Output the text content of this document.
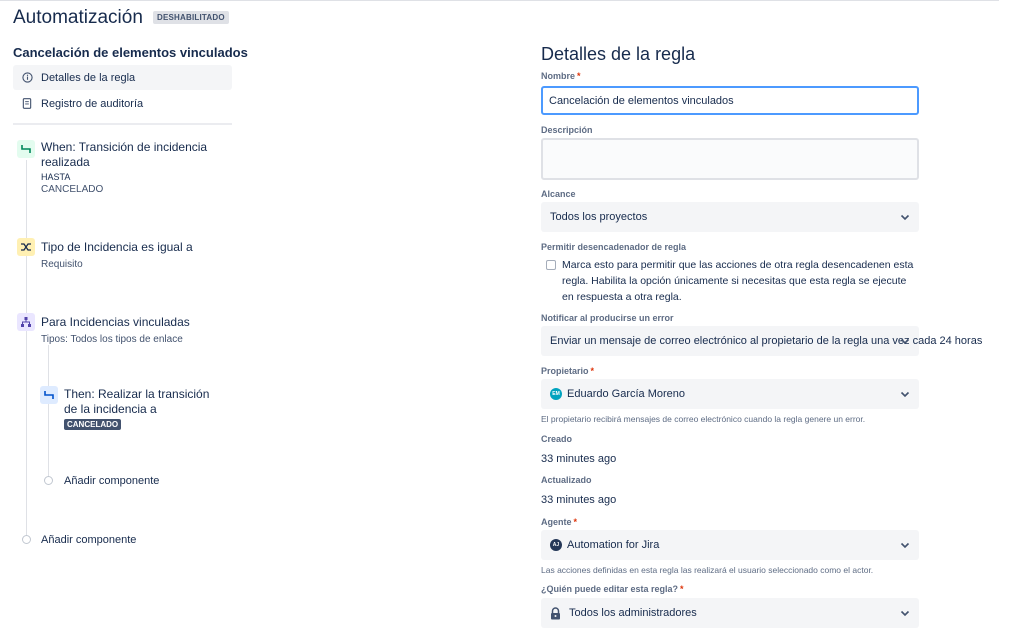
Automatización	DESHABILITADO
Cancelación de elementos vinculados
Detalles de la regla
Registro de auditoría
When: Transición de incidencia realizada
HASTA
CANCELADO
Tipo de Incidencia es igual a
Requisito
Para Incidencias vinculadas
Tipos: Todos los tipos de enlace
Then: Realizar la transición de la incidencia a
CANCELADO
Añadir componente
Añadir componente
Detalles de la regla
Nombre *
Cancelación de elementos vinculados
Descripción
Alcance
Todos los proyectos
Permitir desencadenador de regla
Marca esto para permitir que las acciones de otra regla desencadenen esta regla. Habilita la opción únicamente si necesitas que esta regla se ejecute en respuesta a otra regla.
Notificar al producirse un error
Enviar un mensaje de correo electrónico al propietario de la regla una vez cada 24 horas
Propietario *
EM Eduardo García Moreno
El propietario recibirá mensajes de correo electrónico cuando la regla genere un error.
Creado
33 minutes ago
Actualizado
33 minutes ago
Agente *
AJ Automation for Jira
Las acciones definidas en esta regla las realizará el usuario seleccionado como el actor.
¿Quién puede editar esta regla? *
Todos los administradores
